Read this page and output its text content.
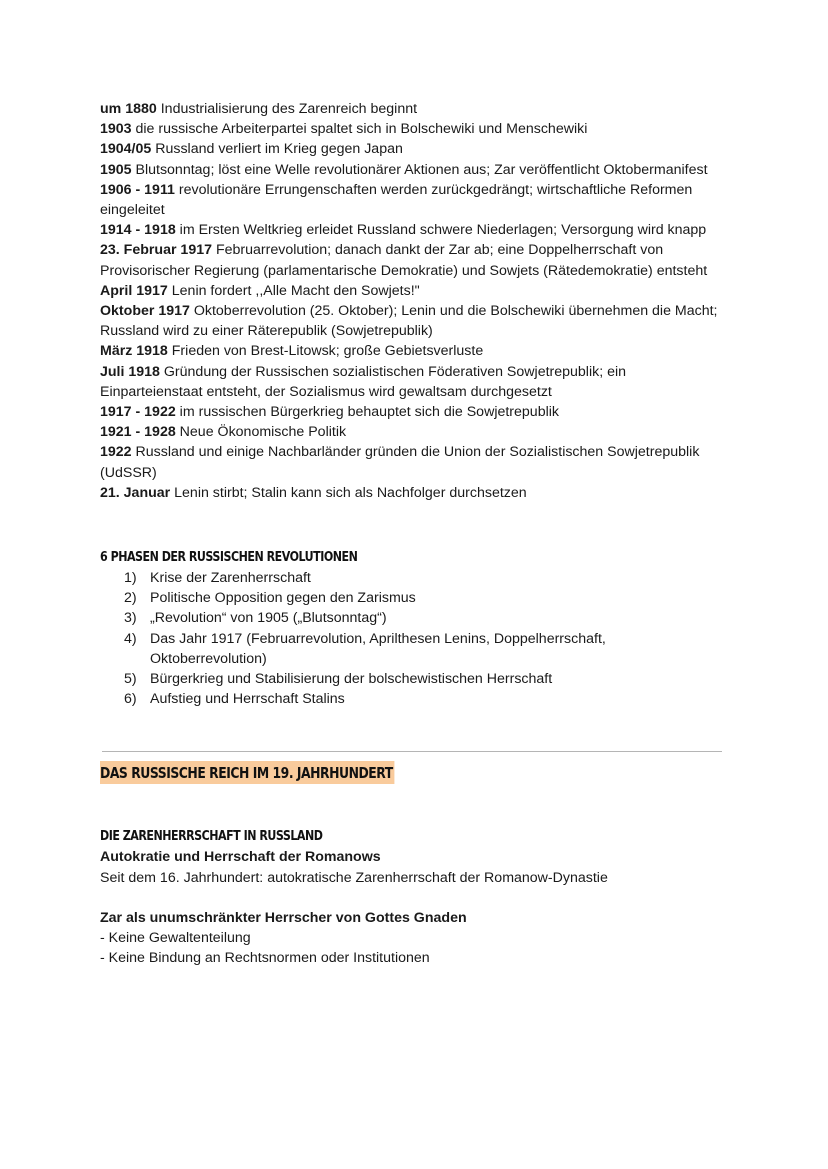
um 1880 Industrialisierung des Zarenreich beginnt
1903 die russische Arbeiterpartei spaltet sich in Bolschewiki und Menschewiki
1904/05 Russland verliert im Krieg gegen Japan
1905 Blutsonntag; löst eine Welle revolutionärer Aktionen aus; Zar veröffentlicht Oktobermanifest
1906 - 1911 revolutionäre Errungenschaften werden zurückgedrängt; wirtschaftliche Reformen eingeleitet
1914 - 1918 im Ersten Weltkrieg erleidet Russland schwere Niederlagen; Versorgung wird knapp
23. Februar 1917 Februarrevolution; danach dankt der Zar ab; eine Doppelherrschaft von Provisorischer Regierung (parlamentarische Demokratie) und Sowjets (Rätedemokratie) entsteht
April 1917 Lenin fordert ,,Alle Macht den Sowjets!"
Oktober 1917 Oktoberrevolution (25. Oktober); Lenin und die Bolschewiki übernehmen die Macht; Russland wird zu einer Räterepublik (Sowjetrepublik)
März 1918 Frieden von Brest-Litowsk; große Gebietsverluste
Juli 1918 Gründung der Russischen sozialistischen Föderativen Sowjetrepublik; ein Einparteienstaat entsteht, der Sozialismus wird gewaltsam durchgesetzt
1917 - 1922 im russischen Bürgerkrieg behauptet sich die Sowjetrepublik
1921 - 1928 Neue Ökonomische Politik
1922 Russland und einige Nachbarländer gründen die Union der Sozialistischen Sowjetrepublik (UdSSR)
21. Januar Lenin stirbt; Stalin kann sich als Nachfolger durchsetzen
6 PHASEN DER RUSSISCHEN REVOLUTIONEN
1) Krise der Zarenherrschaft
2) Politische Opposition gegen den Zarismus
3) „Revolution“ von 1905 („Blutsonntag“)
4) Das Jahr 1917 (Februarrevolution, Aprilthesen Lenins, Doppelherrschaft, Oktoberrevolution)
5) Bürgerkrieg und Stabilisierung der bolschewistischen Herrschaft
6) Aufstieg und Herrschaft Stalins
DAS RUSSISCHE REICH IM 19. JAHRHUNDERT
DIE ZARENHERRSCHAFT IN RUSSLAND
Autokratie und Herrschaft der Romanows
Seit dem 16. Jahrhundert: autokratische Zarenherrschaft der Romanow-Dynastie
Zar als unumschränkter Herrscher von Gottes Gnaden
- Keine Gewaltenteilung
- Keine Bindung an Rechtsnormen oder Institutionen
